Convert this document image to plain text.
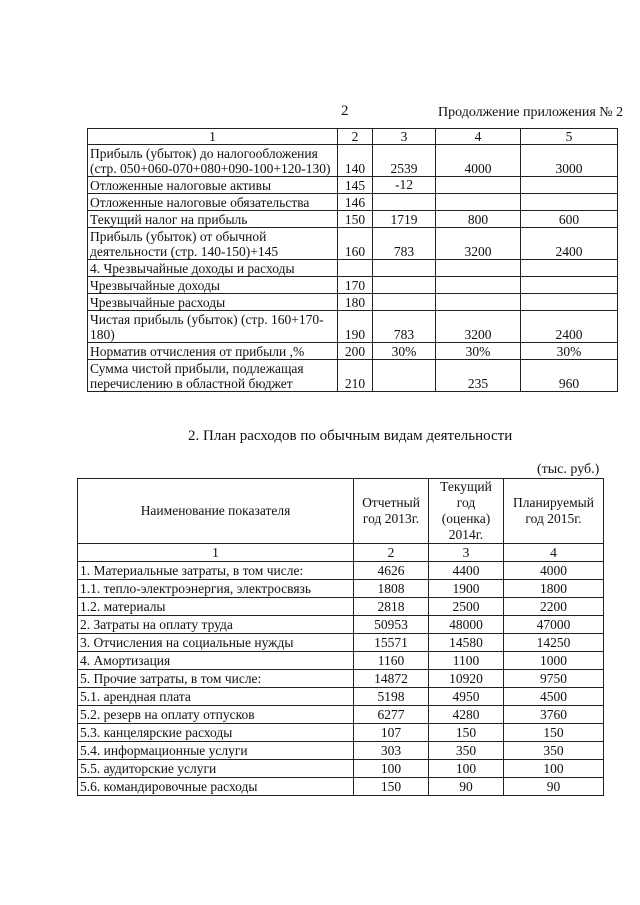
2	Продолжение приложения № 2
1	2	3	4	5
Прибыль (убыток) до налогообложения (стр. 050+060-070+080+090-100+120-130)	140	2539	4000	3000
Отложенные налоговые активы	145	-12		
Отложенные налоговые обязательства	146			
Текущий налог на прибыль	150	1719	800	600
Прибыль (убыток) от обычной деятельности (стр. 140-150)+145	160	783	3200	2400
4. Чрезвычайные доходы и расходы				
Чрезвычайные доходы	170			
Чрезвычайные расходы	180			
Чистая прибыль (убыток) (стр. 160+170-180)	190	783	3200	2400
Норматив отчисления от прибыли ,%	200	30%	30%	30%
Сумма чистой прибыли, подлежащая перечислению в областной бюджет	210		235	960
2. План расходов по обычным видам деятельности
(тыс. руб.)
Наименование показателя	Отчетный год 2013г.	Текущий год (оценка) 2014г.	Планируемый год 2015г.
1	2	3	4
1. Материальные затраты, в том числе:	4626	4400	4000
1.1. тепло-электроэнергия, электросвязь	1808	1900	1800
1.2. материалы	2818	2500	2200
2. Затраты на оплату труда	50953	48000	47000
3. Отчисления на социальные нужды	15571	14580	14250
4. Амортизация	1160	1100	1000
5. Прочие затраты, в том числе:	14872	10920	9750
5.1. арендная плата	5198	4950	4500
5.2. резерв на оплату отпусков	6277	4280	3760
5.3. канцелярские расходы	107	150	150
5.4. информационные услуги	303	350	350
5.5. аудиторские услуги	100	100	100
5.6. командировочные расходы	150	90	90
